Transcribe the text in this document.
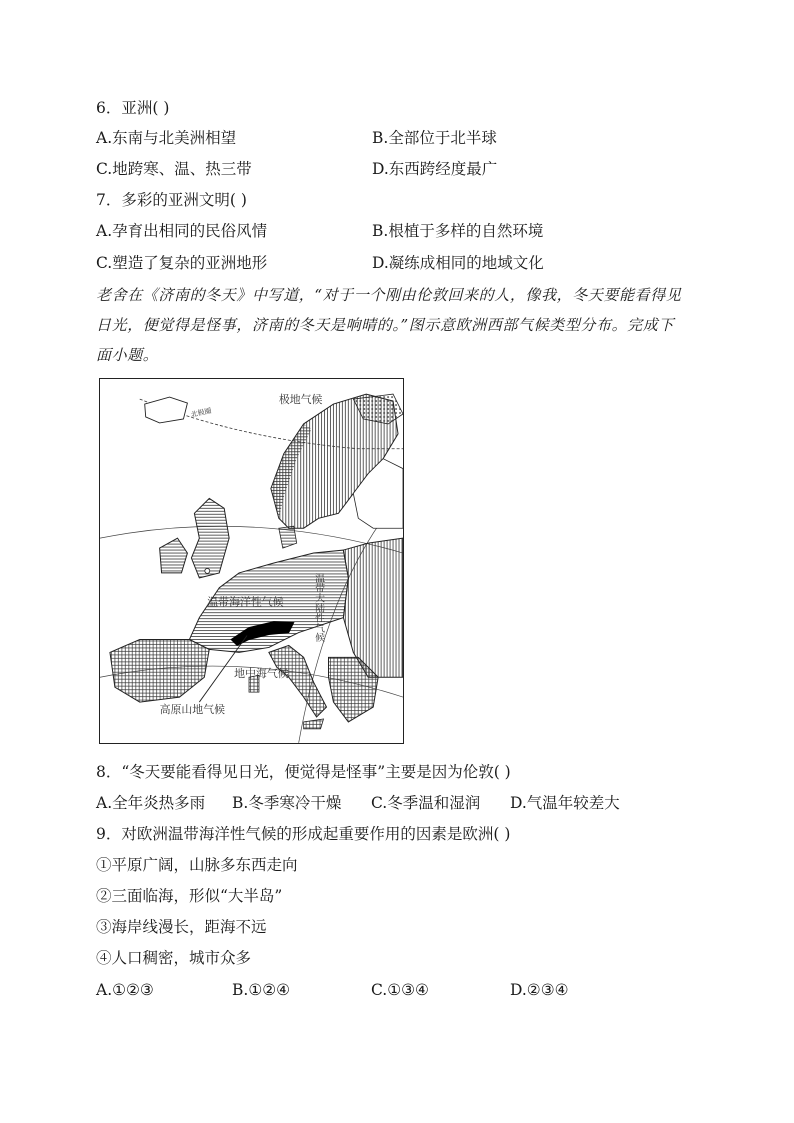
6．亚洲( )
A.东南与北美洲相望	B.全部位于北半球
C.地跨寒、温、热三带	D.东西跨经度最广
7．多彩的亚洲文明( )
A.孕育出相同的民俗风情	B.根植于多样的自然环境
C.塑造了复杂的亚洲地形	D.凝练成相同的地域文化
老舍在《济南的冬天》中写道，“对于一个刚由伦敦回来的人，像我，冬天要能看得见
日光，便觉得是怪事，济南的冬天是响晴的。”图示意欧洲西部气候类型分布。完成下
面小题。
极地气候
北极圈
温带海洋性气候	温带大陆性气候
地中海气候
高原山地气候
8．“冬天要能看得见日光，便觉得是怪事”主要是因为伦敦( )
A.全年炎热多雨 B.冬季寒冷干燥 C.冬季温和湿润 D.气温年较差大
9．对欧洲温带海洋性气候的形成起重要作用的因素是欧洲( )
①平原广阔，山脉多东西走向
②三面临海，形似“大半岛”
③海岸线漫长，距海不远
④人口稠密，城市众多
A.①②③	B.①②④	C.①③④	D.②③④
